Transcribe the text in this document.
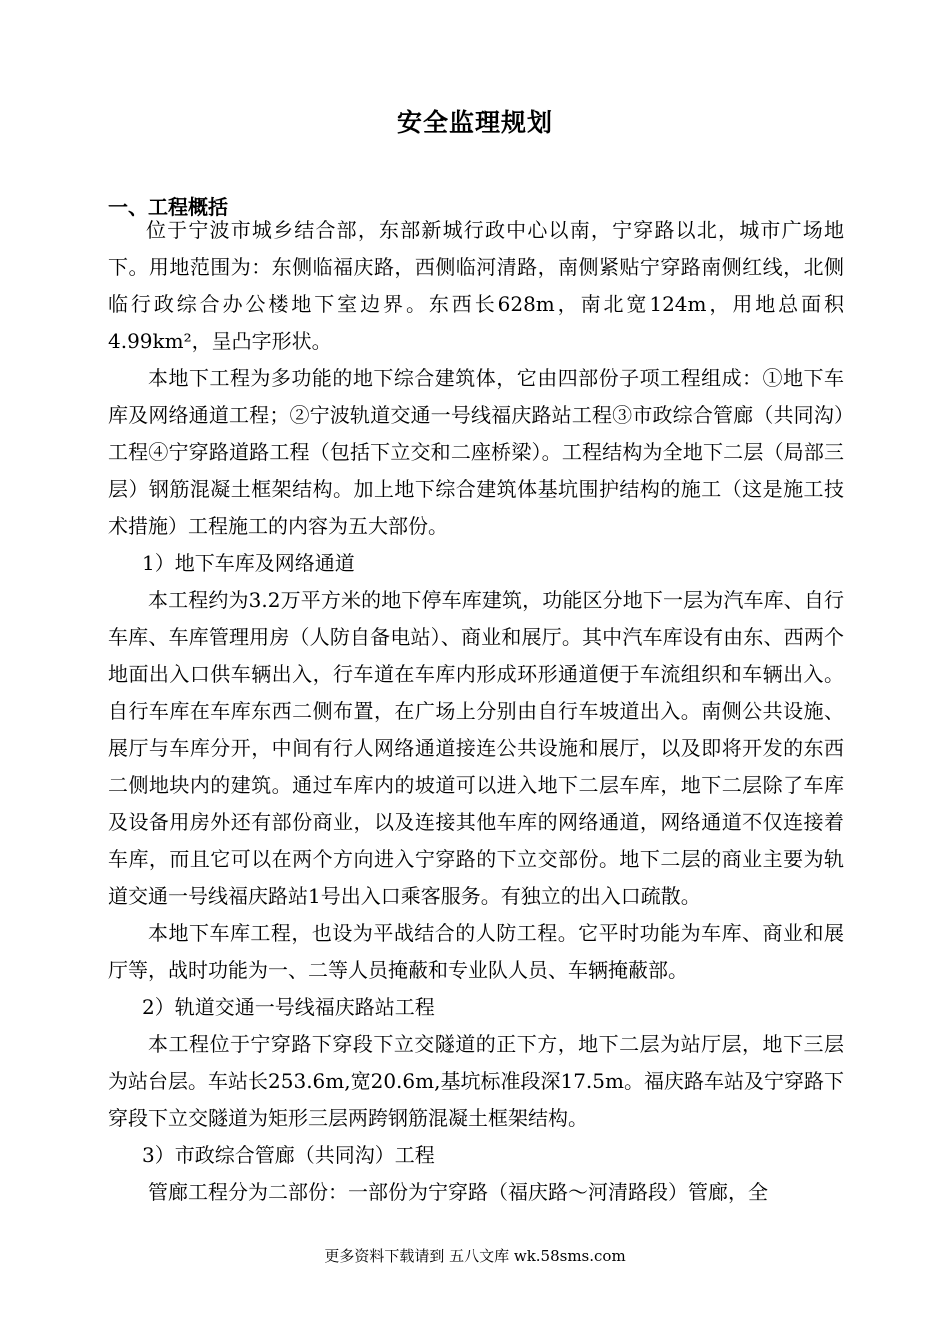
安全监理规划
一、工程概括

位于宁波市城乡结合部，东部新城行政中心以南，宁穿路以北，城市广场地下。用地范围为：东侧临福庆路，西侧临河清路，南侧紧贴宁穿路南侧红线，北侧临行政综合办公楼地下室边界。东西长628m，南北宽124m，用地总面积4.99km²，呈凸字形状。

本地下工程为多功能的地下综合建筑体，它由四部份子项工程组成：①地下车库及网络通道工程；②宁波轨道交通一号线福庆路站工程③市政综合管廊（共同沟）工程④宁穿路道路工程（包括下立交和二座桥梁）。工程结构为全地下二层（局部三层）钢筋混凝土框架结构。加上地下综合建筑体基坑围护结构的施工（这是施工技术措施）工程施工的内容为五大部份。

1）地下车库及网络通道

本工程约为3.2万平方米的地下停车库建筑，功能区分地下一层为汽车库、自行车库、车库管理用房（人防自备电站）、商业和展厅。其中汽车库设有由东、西两个地面出入口供车辆出入，行车道在车库内形成环形通道便于车流组织和车辆出入。自行车库在车库东西二侧布置，在广场上分别由自行车坡道出入。南侧公共设施、展厅与车库分开，中间有行人网络通道接连公共设施和展厅，以及即将开发的东西二侧地块内的建筑。通过车库内的坡道可以进入地下二层车库，地下二层除了车库及设备用房外还有部份商业，以及连接其他车库的网络通道，网络通道不仅连接着车库，而且它可以在两个方向进入宁穿路的下立交部份。地下二层的商业主要为轨道交通一号线福庆路站1号出入口乘客服务。有独立的出入口疏散。

本地下车库工程，也设为平战结合的人防工程。它平时功能为车库、商业和展厅等，战时功能为一、二等人员掩蔽和专业队人员、车辆掩蔽部。

2）轨道交通一号线福庆路站工程

本工程位于宁穿路下穿段下立交隧道的正下方，地下二层为站厅层，地下三层为站台层。车站长253.6m,宽20.6m,基坑标准段深17.5m。福庆路车站及宁穿路下穿段下立交隧道为矩形三层两跨钢筋混凝土框架结构。

3）市政综合管廊（共同沟）工程

管廊工程分为二部份：一部份为宁穿路（福庆路～河清路段）管廊，全

更多资料下载请到 五八文库 wk.58sms.com
